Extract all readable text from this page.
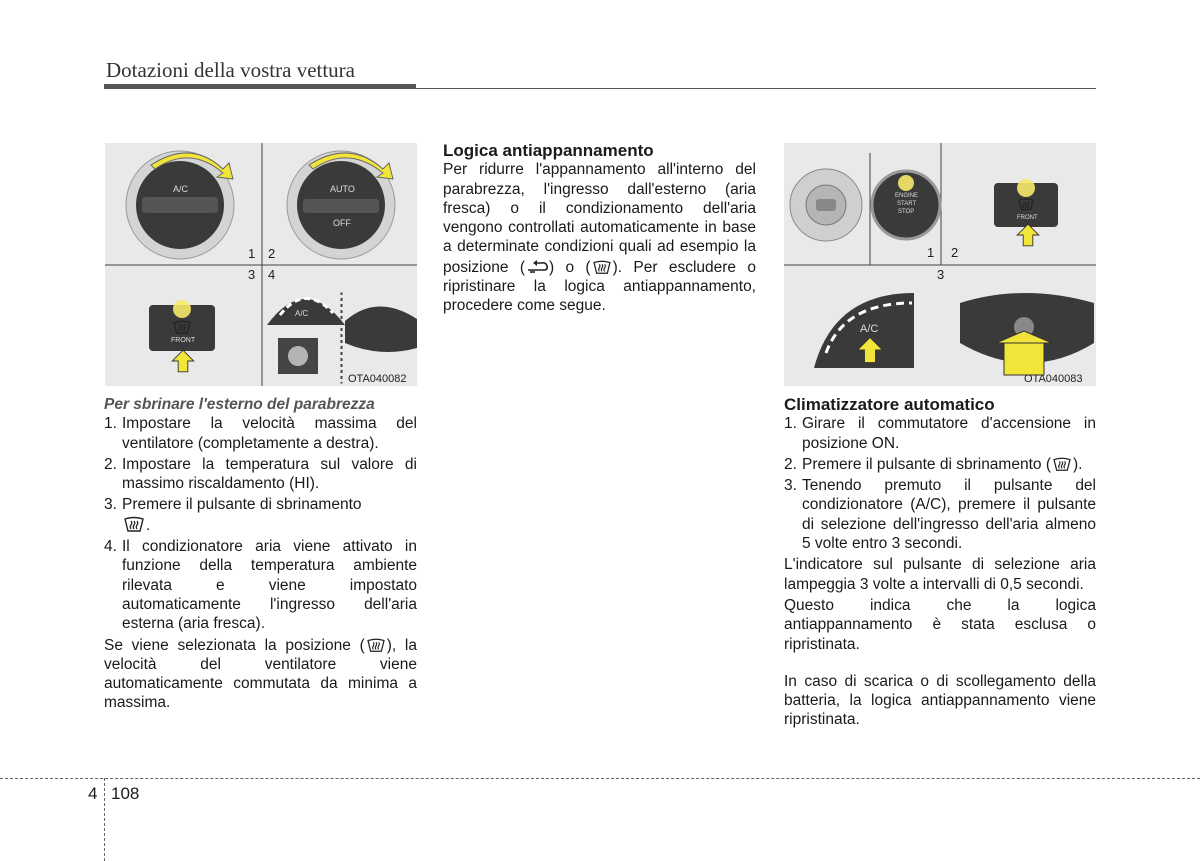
Dotazioni della vostra vettura
1 2
3 4
A/C	AUTO
OFF
FRONT
A/C
OTA040082

Per sbrinare l'esterno del parabrezza

1. Impostare la velocità massima del ventilatore (completamente a destra).
2. Impostare la temperatura sul valore di massimo riscaldamento (HI).
3. Premere il pulsante di sbrinamento
.
4. Il condizionatore aria viene attivato in funzione della temperatura ambiente rilevata e viene impostato automaticamente l'ingresso dell'aria esterna (aria fresca).

Se viene selezionata la posizione ( ), la velocità del ventilatore viene automaticamente commutata da minima a massima.

Logica antiappannamento

Per ridurre l'appannamento all'interno del parabrezza, l'ingresso dall'esterno (aria fresca) o il condizionamento dell'aria vengono controllati automaticamente in base a determinate condizioni quali ad esempio la posizione ( ) o ( ). Per escludere o ripristinare la logica antiappannamento, procedere come segue.

1 2
3
ENGINE
START
STOP
FRONT
A/C
OTA040083

Climatizzatore automatico

1. Girare il commutatore d'accensione in posizione ON.
2. Premere il pulsante di sbrinamento ( ).
3. Tenendo premuto il pulsante del condizionatore (A/C), premere il pulsante di selezione dell'ingresso dell'aria almeno 5 volte entro 3 secondi.

L'indicatore sul pulsante di selezione aria lampeggia 3 volte a intervalli di 0,5 secondi.

Questo indica che la logica antiappannamento è stata esclusa o ripristinata.

In caso di scarica o di scollegamento della batteria, la logica antiappannamento viene ripristinata.

4 108
